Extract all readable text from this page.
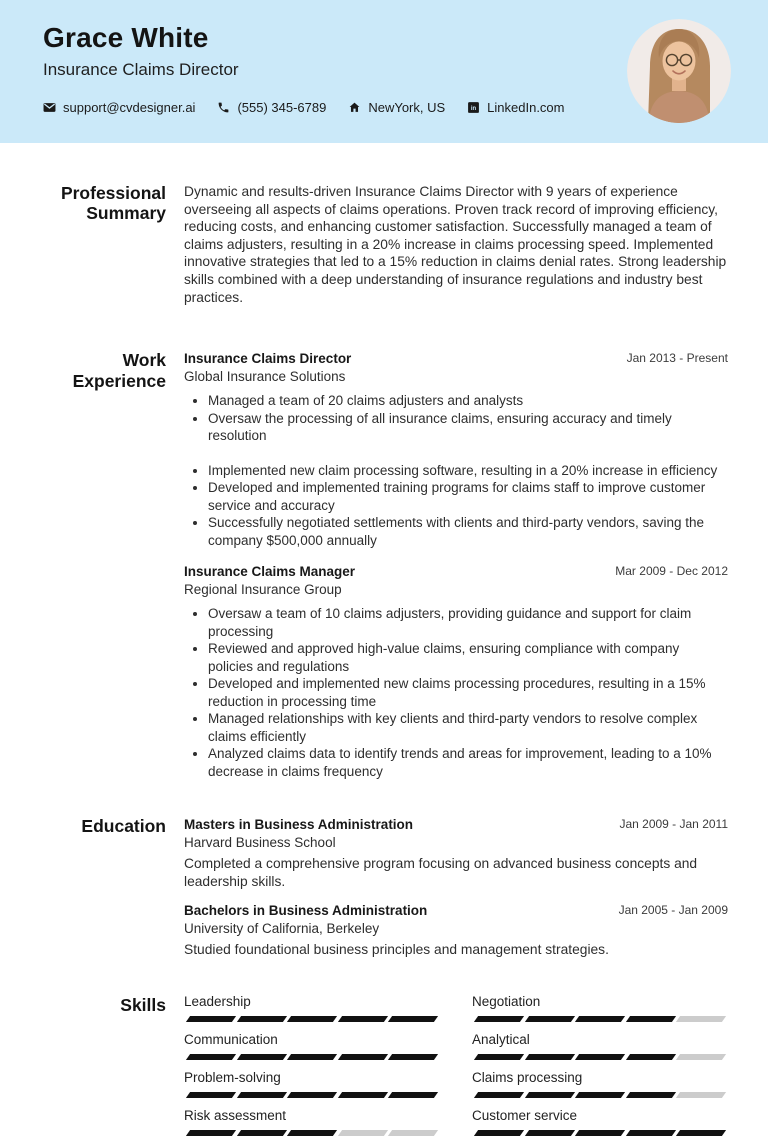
Grace White
Insurance Claims Director
support@cvdesigner.ai	(555) 345-6789	NewYork, US in LinkedIn.com
Professional Summary

Dynamic and results-driven Insurance Claims Director with 9 years of experience overseeing all aspects of claims operations. Proven track record of improving efficiency, reducing costs, and enhancing customer satisfaction. Successfully managed a team of claims adjusters, resulting in a 20% increase in claims processing speed. Implemented innovative strategies that led to a 15% reduction in claims denial rates. Strong leadership skills combined with a deep understanding of insurance regulations and industry best practices.

Work Experience
Insurance Claims Director	Jan 2013 - Present
Global Insurance Solutions
• Managed a team of 20 claims adjusters and analysts
• Oversaw the processing of all insurance claims, ensuring accuracy and timely resolution
• Implemented new claim processing software, resulting in a 20% increase in efficiency
• Developed and implemented training programs for claims staff to improve customer service and accuracy
• Successfully negotiated settlements with clients and third-party vendors, saving the company $500,000 annually
Insurance Claims Manager	Mar 2009 - Dec 2012
Regional Insurance Group
• Oversaw a team of 10 claims adjusters, providing guidance and support for claim processing
• Reviewed and approved high-value claims, ensuring compliance with company policies and regulations
• Developed and implemented new claims processing procedures, resulting in a 15% reduction in processing time
• Managed relationships with key clients and third-party vendors to resolve complex claims efficiently
• Analyzed claims data to identify trends and areas for improvement, leading to a 10% decrease in claims frequency
Education Masters in Business Administration	Jan 2009 - Jan 2011
Harvard Business School

Completed a comprehensive program focusing on advanced business concepts and leadership skills.

Bachelors in Business Administration	Jan 2005 - Jan 2009
University of California, Berkeley

Studied foundational business principles and management strategies.

Skills Leadership	Negotiation
Communication	Analytical
Problem-solving	Claims processing
Risk assessment	Customer service
